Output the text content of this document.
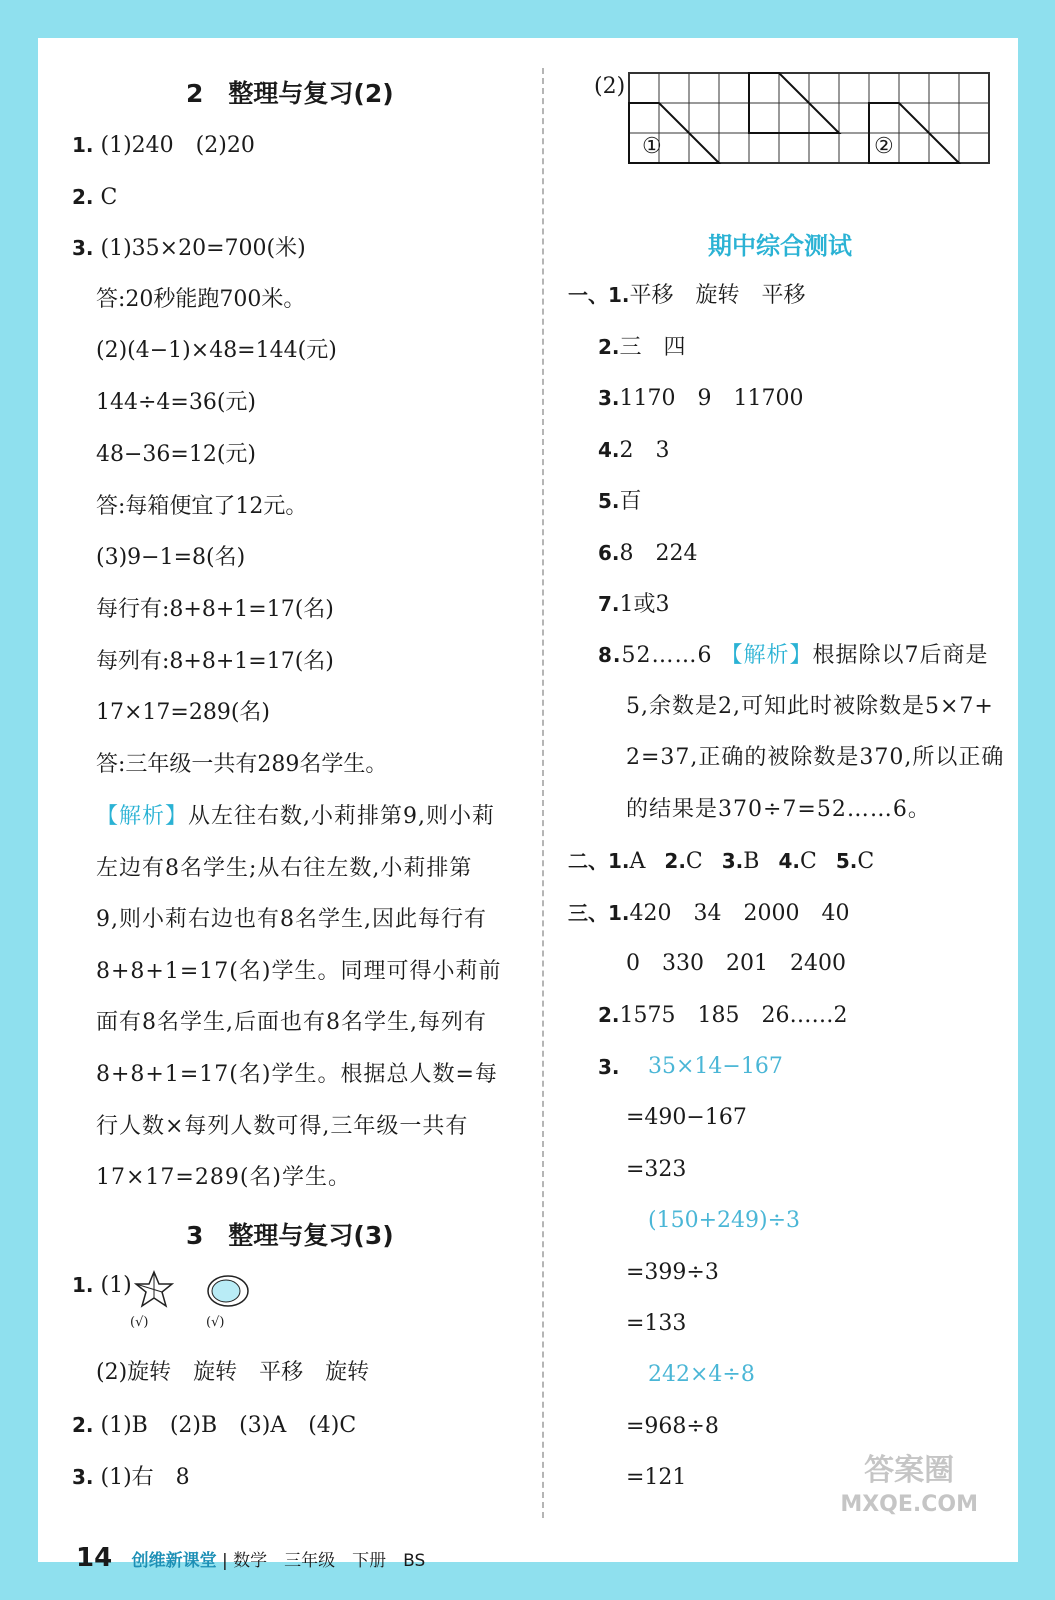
2　整理与复习(2)
1. (1)240　(2)20
2. C
3. (1)35×20=700(米)
答:20秒能跑700米。
(2)(4−1)×48=144(元)
144÷4=36(元)
48−36=12(元)
答:每箱便宜了12元。
(3)9−1=8(名)
每行有:8+8+1=17(名)
每列有:8+8+1=17(名)
17×17=289(名)
答:三年级一共有289名学生。
【解析】从左往右数,小莉排第9,则小莉
左边有8名学生;从右往左数,小莉排第
9,则小莉右边也有8名学生,因此每行有
8+8+1=17(名)学生。同理可得小莉前
面有8名学生,后面也有8名学生,每列有
8+8+1=17(名)学生。根据总人数=每
行人数×每列人数可得,三年级一共有
17×17=289(名)学生。
3　整理与复习(3)
1. (1)
(√)	(√)
(2)旋转　旋转　平移　旋转
2. (1)B　(2)B　(3)A　(4)C
3. (1)右　8
(2)
①	②
期中综合测试
一、1.平移　旋转　平移
2.三　四
3.1170　9　11700
4.2　3
5.百
6.8　224
7.1或3
8.52……6 【解析】根据除以7后商是
5,余数是2,可知此时被除数是5×7+
2=37,正确的被除数是370,所以正确
的结果是370÷7=52……6。
二、1.A 2.C 3.B 4.C 5.C
三、1.420　34　2000　40
0　330　201　2400
2.1575　185　26……2
3. 35×14−167
=490−167
=323
(150+249)÷3
=399÷3
=133
242×4÷8
=968÷8
=121
14 创维新课堂 | 数学　三年级　下册　BS
答案圈
MXQE.COM
